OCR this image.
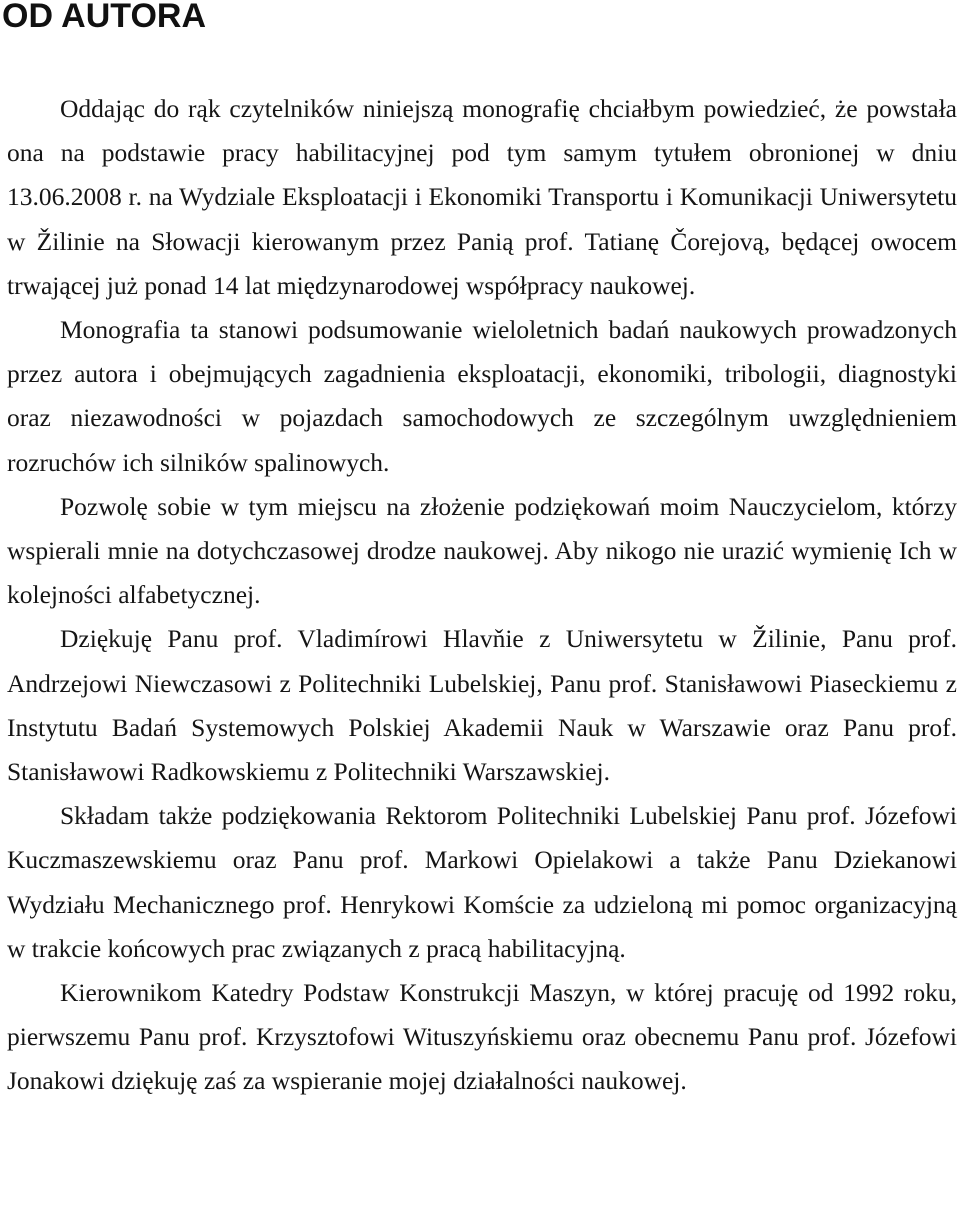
OD AUTORA

Oddając do rąk czytelników niniejszą monografię chciałbym powiedzieć, że powstała ona na podstawie pracy habilitacyjnej pod tym samym tytułem obronionej w dniu 13.06.2008 r. na Wydziale Eksploatacji i Ekonomiki Transportu i Komunikacji Uniwersytetu w Žilinie na Słowacji kierowanym przez Panią prof. Tatianę Čorejovą, będącej owocem trwającej już ponad 14 lat międzynarodowej współpracy naukowej.

Monografia ta stanowi podsumowanie wieloletnich badań naukowych prowadzonych przez autora i obejmujących zagadnienia eksploatacji, ekonomiki, tribologii, diagnostyki oraz niezawodności w pojazdach samochodowych ze szczególnym uwzględnieniem rozruchów ich silników spalinowych.

Pozwolę sobie w tym miejscu na złożenie podziękowań moim Nauczycielom, którzy wspierali mnie na dotychczasowej drodze naukowej. Aby nikogo nie urazić wymienię Ich w kolejności alfabetycznej.

Dziękuję Panu prof. Vladimírowi Hlavňie z Uniwersytetu w Žilinie, Panu prof. Andrzejowi Niewczasowi z Politechniki Lubelskiej, Panu prof. Stanisławowi Piaseckiemu z Instytutu Badań Systemowych Polskiej Akademii Nauk w Warszawie oraz Panu prof. Stanisławowi Radkowskiemu z Politechniki Warszawskiej.

Składam także podziękowania Rektorom Politechniki Lubelskiej Panu prof. Józefowi Kuczmaszewskiemu oraz Panu prof. Markowi Opielakowi a także Panu Dziekanowi Wydziału Mechanicznego prof. Henrykowi Komście za udzieloną mi pomoc organizacyjną w trakcie końcowych prac związanych z pracą habilitacyjną.

Kierownikom Katedry Podstaw Konstrukcji Maszyn, w której pracuję od 1992 roku, pierwszemu Panu prof. Krzysztofowi Wituszyńskiemu oraz obecnemu Panu prof. Józefowi Jonakowi dziękuję zaś za wspieranie mojej działalności naukowej.
